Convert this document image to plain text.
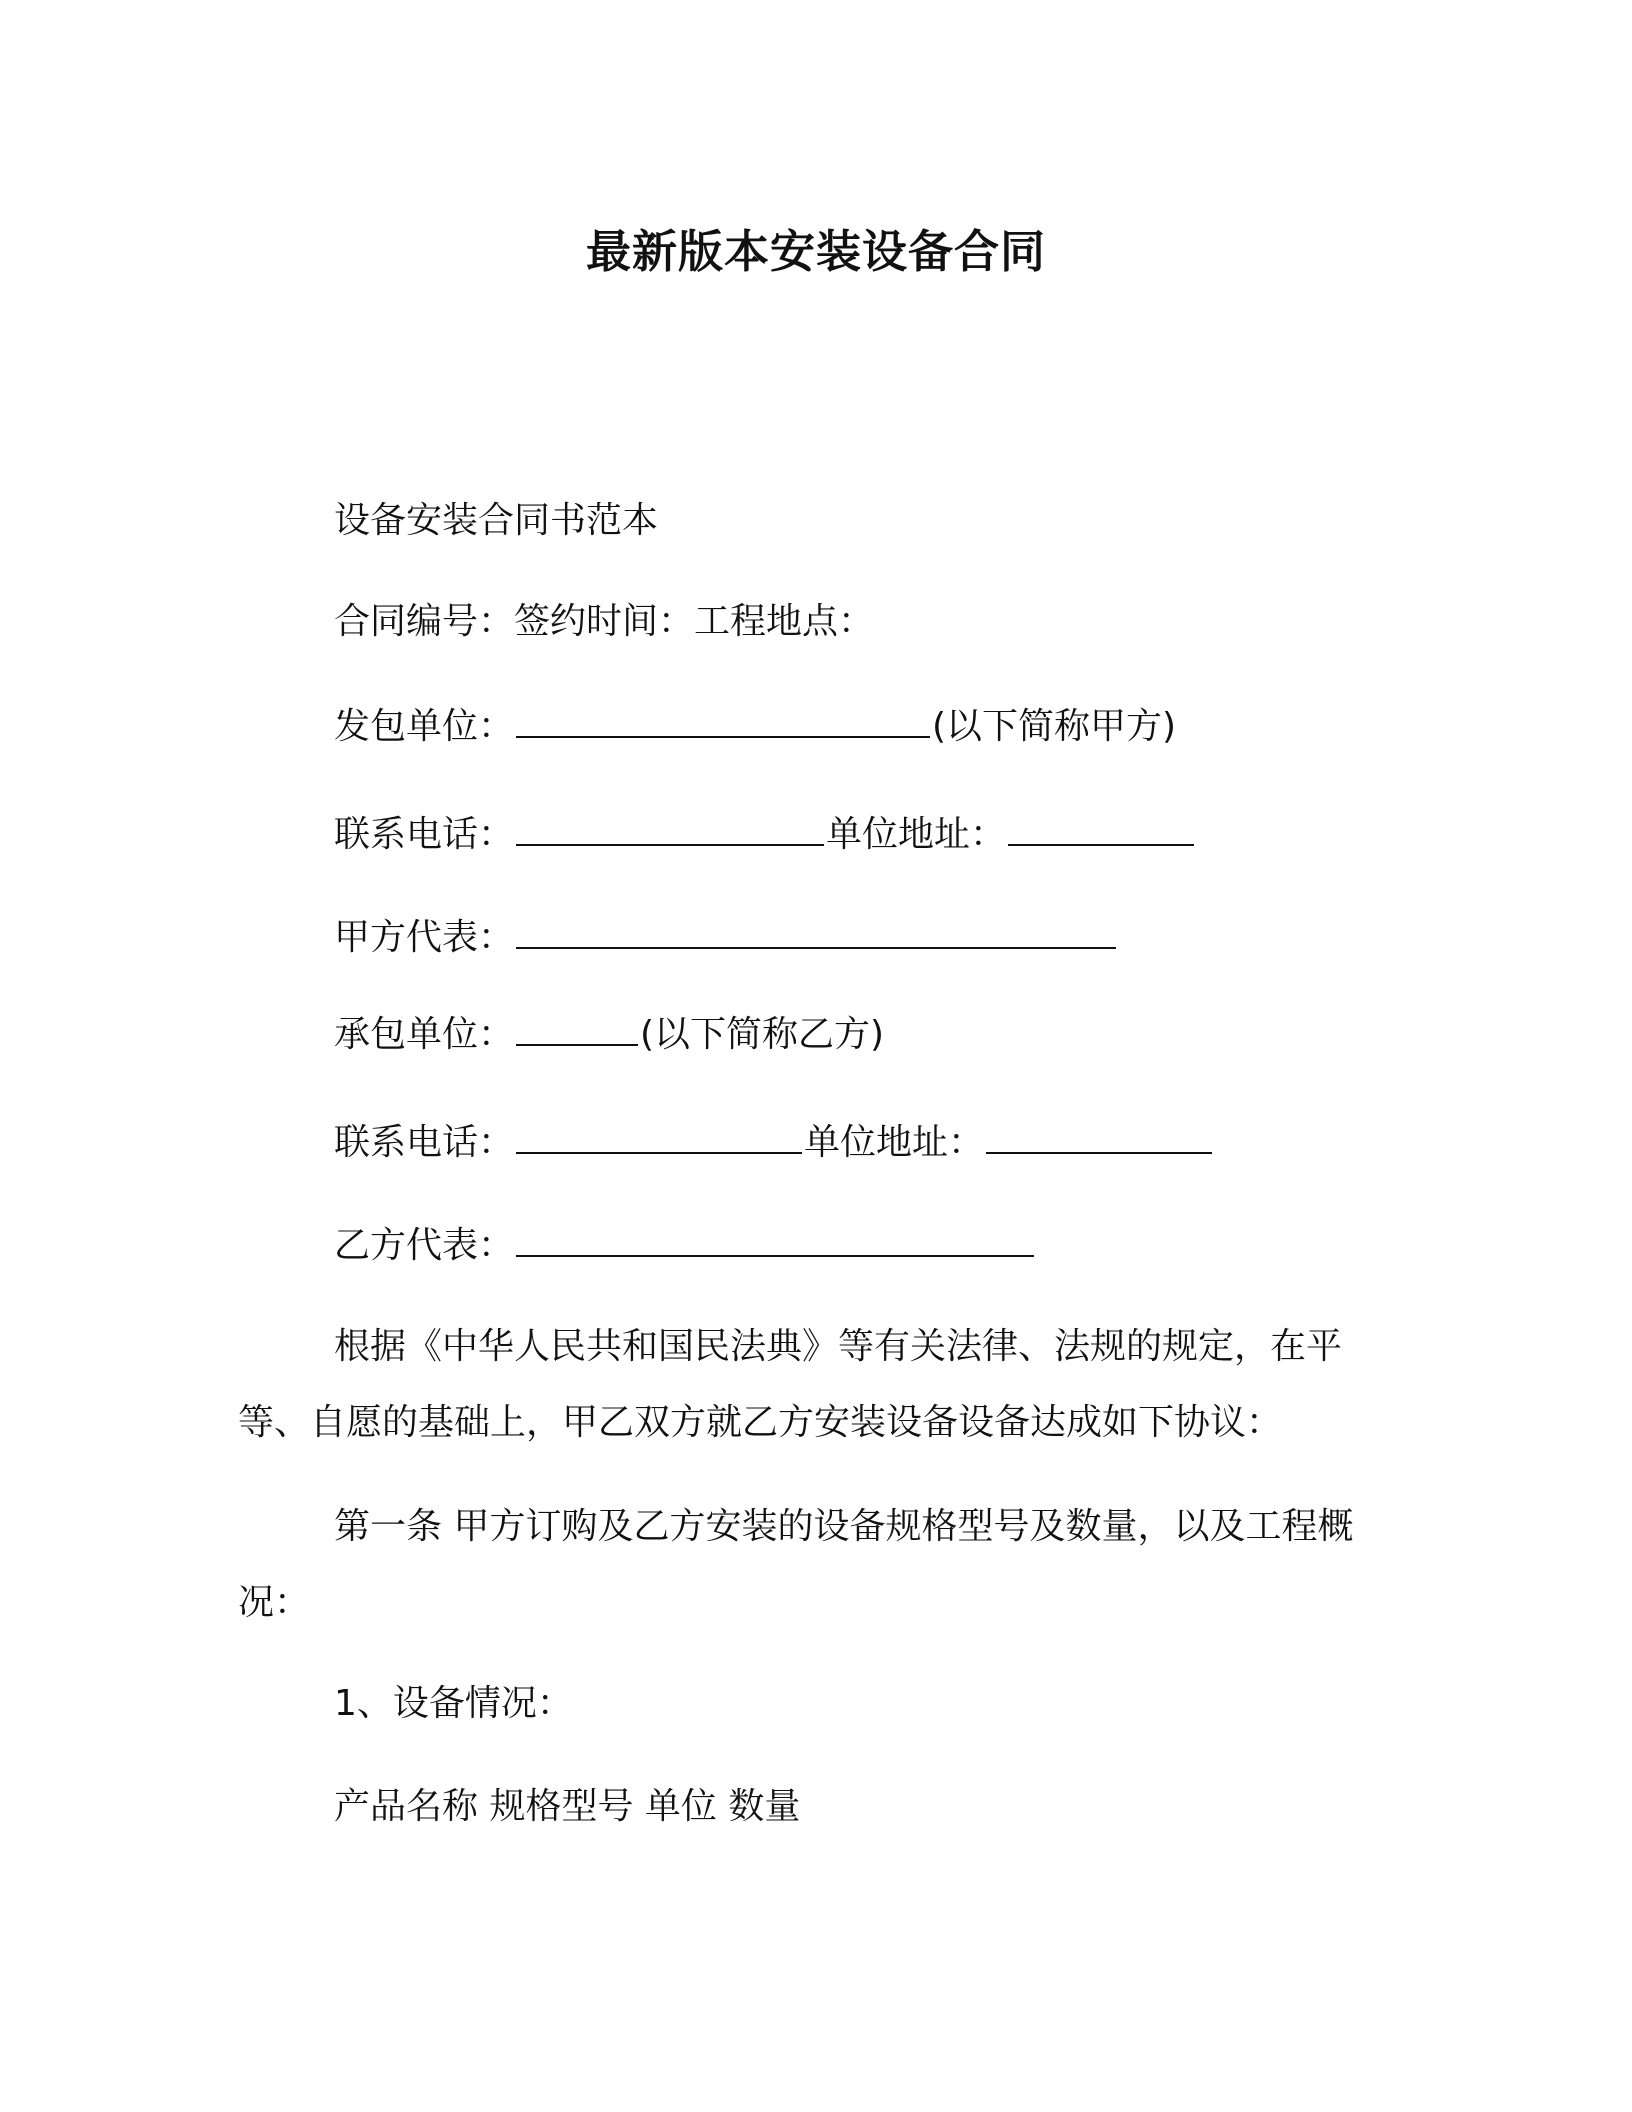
最新版本安装设备合同
设备安装合同书范本
合同编号：签约时间：工程地点：
发包单位：	(以下简称甲方)
联系电话：	单位地址：
甲方代表：
承包单位：	(以下简称乙方)
联系电话：	单位地址：
乙方代表：
根据《中华人民共和国民法典》等有关法律、法规的规定，在平
等、自愿的基础上，甲乙双方就乙方安装设备设备达成如下协议：
第一条 甲方订购及乙方安装的设备规格型号及数量，以及工程概
况：
1、设备情况：
产品名称 规格型号 单位 数量
